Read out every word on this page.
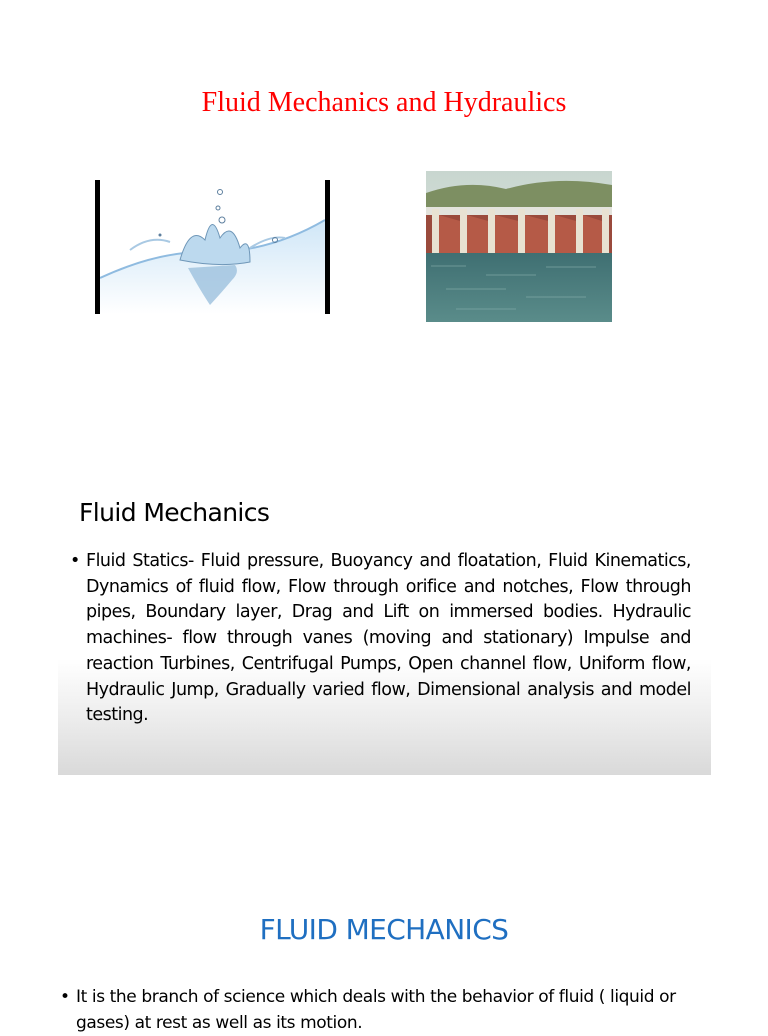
Fluid Mechanics and Hydraulics
Fluid Mechanics
• Fluid Statics- Fluid pressure, Buoyancy and floatation, Fluid Kinematics, Dynamics of fluid flow, Flow through orifice and notches, Flow through pipes, Boundary layer, Drag and Lift on immersed bodies. Hydraulic machines- flow through vanes (moving and stationary) Impulse and reaction Turbines, Centrifugal Pumps, Open channel flow, Uniform flow, Hydraulic Jump, Gradually varied flow, Dimensional analysis and model testing.
FLUID MECHANICS
• It is the branch of science which deals with the behavior of fluid ( liquid or gases) at rest as well as its motion.
